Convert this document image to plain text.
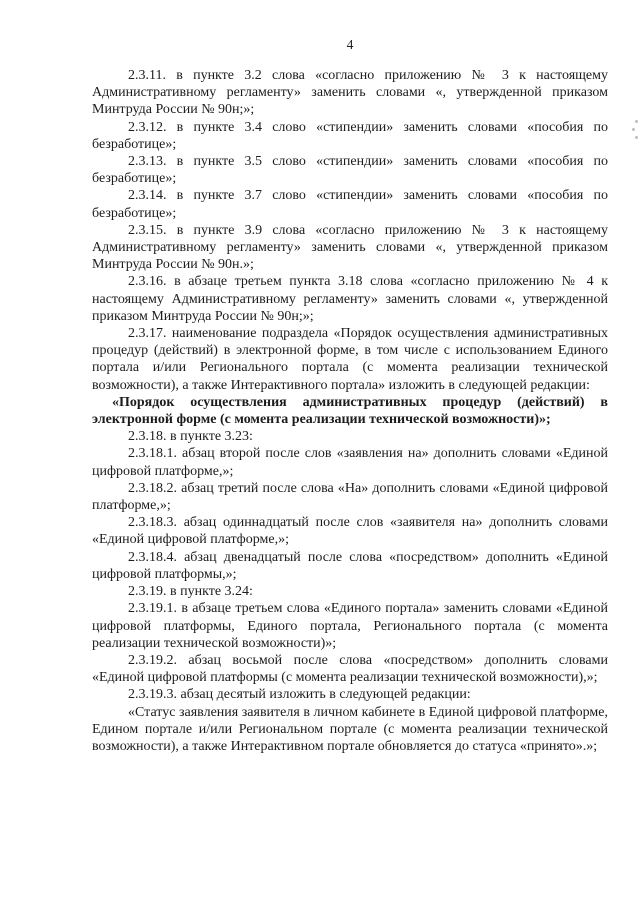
4

2.3.11. в пункте 3.2 слова «согласно приложению № 3 к настоящему Административному регламенту» заменить словами «, утвержденной приказом Минтруда России № 90н;»;

2.3.12. в пункте 3.4 слово «стипендии» заменить словами «пособия по безработице»;

2.3.13. в пункте 3.5 слово «стипендии» заменить словами «пособия по безработице»;

2.3.14. в пункте 3.7 слово «стипендии» заменить словами «пособия по безработице»;

2.3.15. в пункте 3.9 слова «согласно приложению № 3 к настоящему Административному регламенту» заменить словами «, утвержденной приказом Минтруда России № 90н.»;

2.3.16. в абзаце третьем пункта 3.18 слова «согласно приложению № 4 к настоящему Административному регламенту» заменить словами «, утвержденной приказом Минтруда России № 90н;»;

2.3.17. наименование подраздела «Порядок осуществления административных процедур (действий) в электронной форме, в том числе с использованием Единого портала и/или Регионального портала (с момента реализации технической возможности), а также Интерактивного портала» изложить в следующей редакции:

«Порядок осуществления административных процедур (действий) в электронной форме (с момента реализации технической возможности)»;

2.3.18. в пункте 3.23:

2.3.18.1. абзац второй после слов «заявления на» дополнить словами «Единой цифровой платформе,»;

2.3.18.2. абзац третий после слова «На» дополнить словами «Единой цифровой платформе,»;

2.3.18.3. абзац одиннадцатый после слов «заявителя на» дополнить словами «Единой цифровой платформе,»;

2.3.18.4. абзац двенадцатый после слова «посредством» дополнить «Единой цифровой платформы,»;

2.3.19. в пункте 3.24:

2.3.19.1. в абзаце третьем слова «Единого портала» заменить словами «Единой цифровой платформы, Единого портала, Регионального портала (с момента реализации технической возможности)»;

2.3.19.2. абзац восьмой после слова «посредством» дополнить словами «Единой цифровой платформы (с момента реализации технической возможности),»;

2.3.19.3. абзац десятый изложить в следующей редакции:

«Статус заявления заявителя в личном кабинете в Единой цифровой платформе, Едином портале и/или Региональном портале (с момента реализации технической возможности), а также Интерактивном портале обновляется до статуса «принято».»;
